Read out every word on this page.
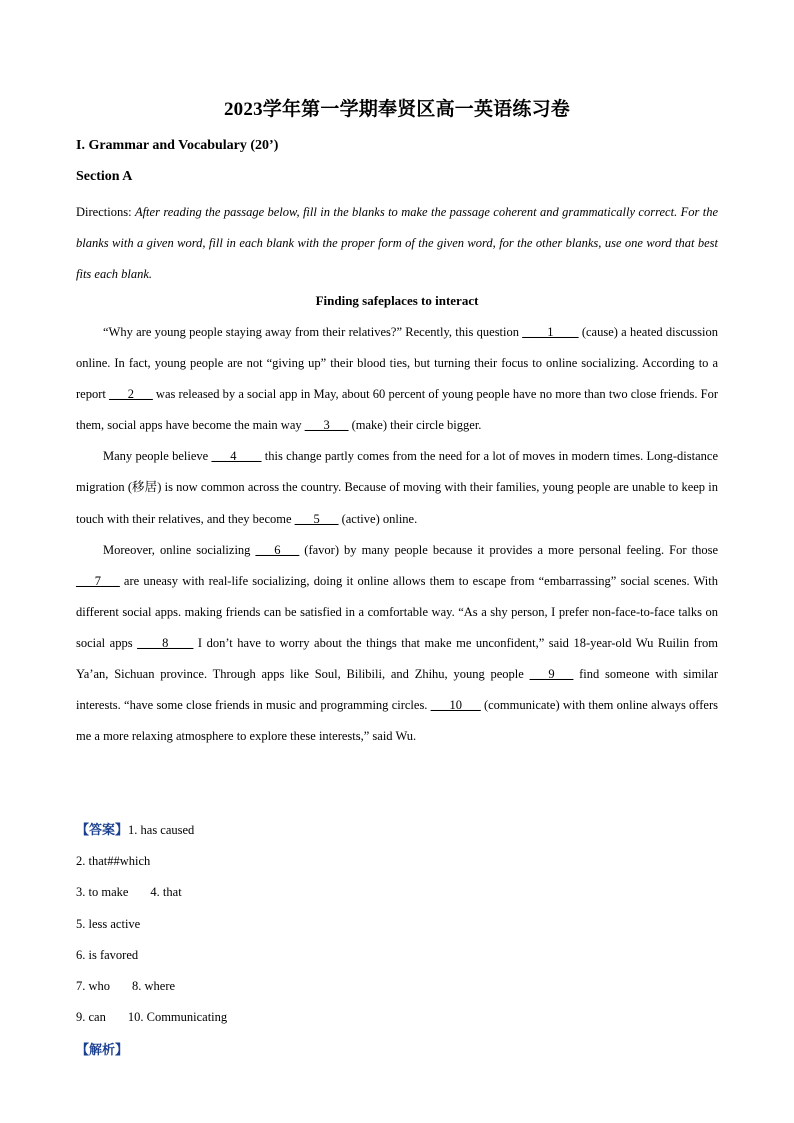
2023学年第一学期奉贤区高一英语练习卷
I. Grammar and Vocabulary (20’)
Section A
Directions: After reading the passage below, fill in the blanks to make the passage coherent and grammatically correct. For the blanks with a given word, fill in each blank with the proper form of the given word, for the other blanks, use one word that best fits each blank.
Finding safeplaces to interact

“Why are young people staying away from their relatives?” Recently, this question ____1____ (cause) a heated discussion online. In fact, young people are not “giving up” their blood ties, but turning their focus to online socializing. According to a report ___2___ was released by a social app in May, about 60 percent of young people have no more than two close friends. For them, social apps have become the main way ___3___ (make) their circle bigger.

Many people believe ___4____ this change partly comes from the need for a lot of moves in modern times. Long-distance migration (移居) is now common across the country. Because of moving with their families, young people are unable to keep in touch with their relatives, and they become ___5___ (active) online.

Moreover, online socializing ___6___ (favor) by many people because it provides a more personal feeling. For those ___7___ are uneasy with real-life socializing, doing it online allows them to escape from “embarrassing” social scenes. With different social apps. making friends can be satisfied in a comfortable way. “As a shy person, I prefer non-face-to-face talks on social apps ____8____ I don’t have to worry about the things that make me unconfident,” said 18-year-old Wu Ruilin from Ya’an, Sichuan province. Through apps like Soul, Bilibili, and Zhihu, young people ___9___ find someone with similar interests. “have some close friends in music and programming circles. ___10___ (communicate) with them online always offers me a more relaxing atmosphere to explore these interests,” said Wu.

【答案】1. has caused
2. that##which
3. to make 4. that
5. less active
6. is favored
7. who 8. where
9. can 10. Communicating
【解析】
